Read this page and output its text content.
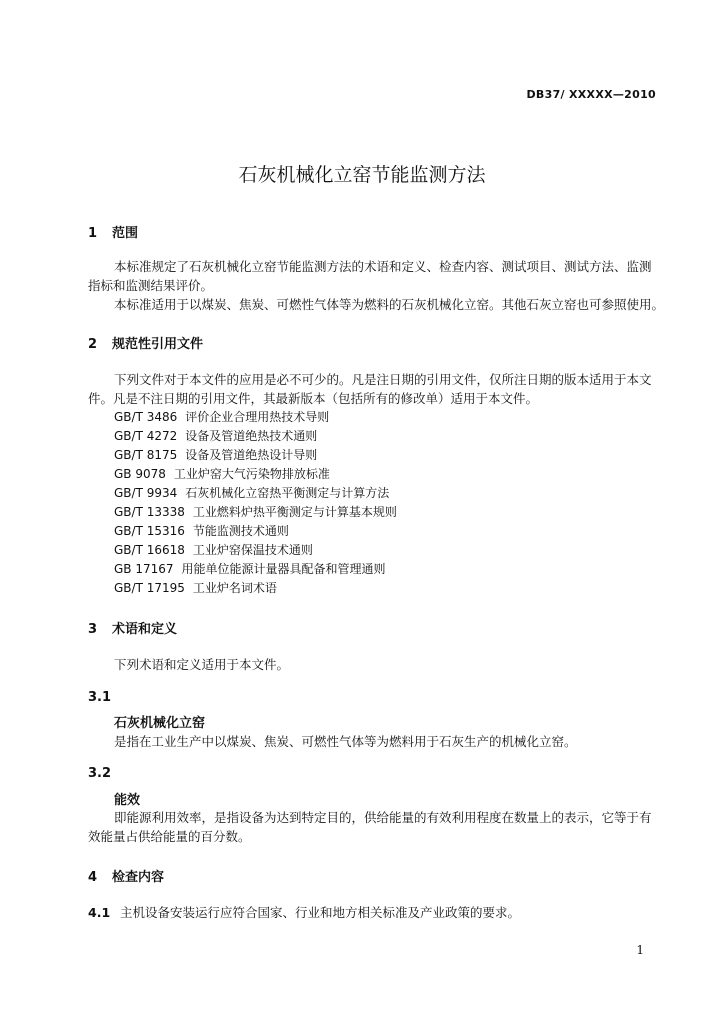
DB37/ XXXXX—2010
石灰机械化立窑节能监测方法
1 范围
本标准规定了石灰机械化立窑节能监测方法的术语和定义、检查内容、测试项目、测试方法、监测
指标和监测结果评价。
本标准适用于以煤炭、焦炭、可燃性气体等为燃料的石灰机械化立窑。其他石灰立窑也可参照使用。
2 规范性引用文件
下列文件对于本文件的应用是必不可少的。凡是注日期的引用文件，仅所注日期的版本适用于本文
件。凡是不注日期的引用文件，其最新版本（包括所有的修改单）适用于本文件。
GB/T 3486 评价企业合理用热技术导则
GB/T 4272 设备及管道绝热技术通则
GB/T 8175 设备及管道绝热设计导则
GB 9078 工业炉窑大气污染物排放标准
GB/T 9934 石灰机械化立窑热平衡测定与计算方法
GB/T 13338 工业燃料炉热平衡测定与计算基本规则
GB/T 15316 节能监测技术通则
GB/T 16618 工业炉窑保温技术通则
GB 17167 用能单位能源计量器具配备和管理通则
GB/T 17195 工业炉名词术语
3 术语和定义
下列术语和定义适用于本文件。
3.1
石灰机械化立窑
是指在工业生产中以煤炭、焦炭、可燃性气体等为燃料用于石灰生产的机械化立窑。
3.2
能效
即能源利用效率，是指设备为达到特定目的，供给能量的有效利用程度在数量上的表示，它等于有
效能量占供给能量的百分数。
4 检查内容
4.1 主机设备安装运行应符合国家、行业和地方相关标准及产业政策的要求。
1
